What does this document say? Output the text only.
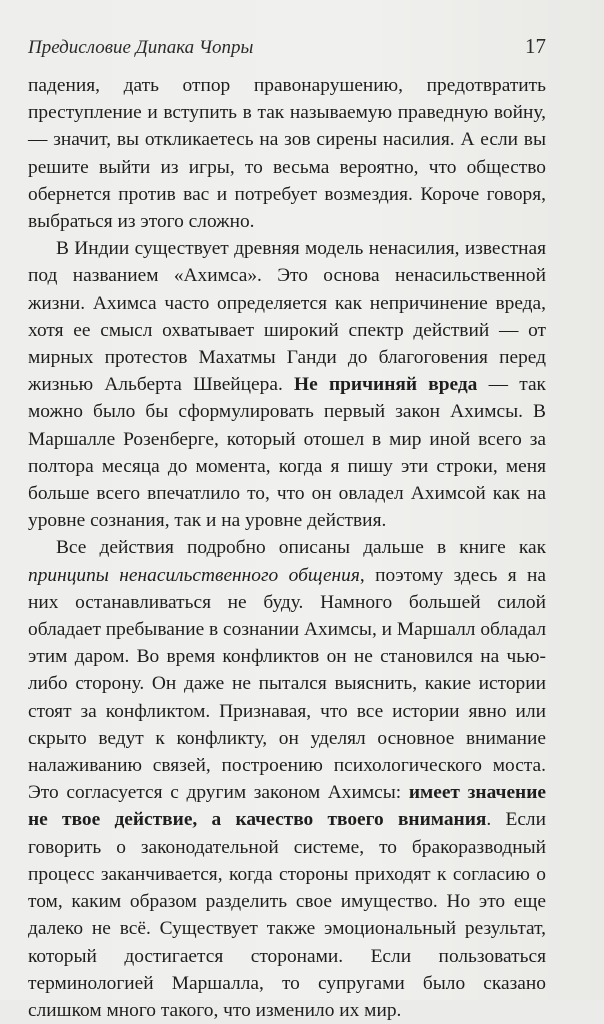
Предисловие Дипака Чопры	17

падения, дать отпор правонарушению, предотвратить преступление и вступить в так называемую праведную войну, — значит, вы откликаетесь на зов сирены насилия. А если вы решите выйти из игры, то весьма вероятно, что общество обернется против вас и потребует возмездия. Короче говоря, выбраться из этого сложно.

В Индии существует древняя модель ненасилия, известная под названием «Ахимса». Это основа ненасильственной жизни. Ахимса часто определяется как непричинение вреда, хотя ее смысл охватывает широкий спектр действий — от мирных протестов Махатмы Ганди до благоговения перед жизнью Альберта Швейцера. Не причиняй вреда — так можно было бы сформулировать первый закон Ахимсы. В Маршалле Розенберге, который отошел в мир иной всего за полтора месяца до момента, когда я пишу эти строки, меня больше всего впечатлило то, что он овладел Ахимсой как на уровне сознания, так и на уровне действия.

Все действия подробно описаны дальше в книге как принципы ненасильственного общения, поэтому здесь я на них останавливаться не буду. Намного большей силой обладает пребывание в сознании Ахимсы, и Маршалл обладал этим даром. Во время конфликтов он не становился на чью-либо сторону. Он даже не пытался выяснить, какие истории стоят за конфликтом. Признавая, что все истории явно или скрыто ведут к конфликту, он уделял основное внимание налаживанию связей, построению психологического моста. Это согласуется с другим законом Ахимсы: имеет значение не твое действие, а качество твоего внимания. Если говорить о законодательной системе, то бракоразводный процесс заканчивается, когда стороны приходят к согласию о том, каким образом разделить свое имущество. Но это еще далеко не всё. Существует также эмоциональный результат, который достигается сторонами. Если пользоваться терминологией Маршалла, то супругами было сказано слишком много такого, что изменило их мир.
